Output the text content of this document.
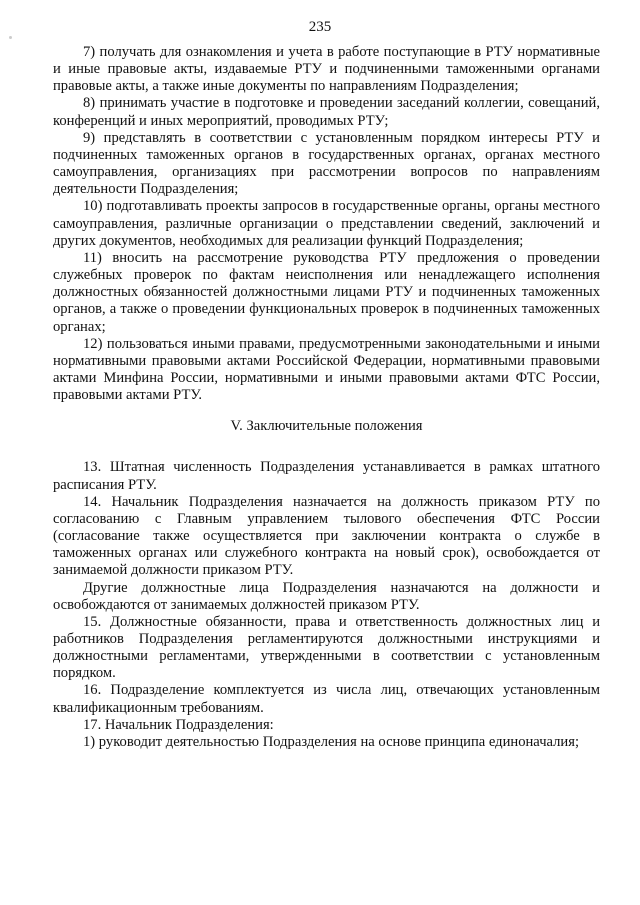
235

7) получать для ознакомления и учета в работе поступающие в РТУ нормативные и иные правовые акты, издаваемые РТУ и подчиненными таможенными органами правовые акты, а также иные документы по направлениям Подразделения;

8) принимать участие в подготовке и проведении заседаний коллегии, совещаний, конференций и иных мероприятий, проводимых РТУ;

9) представлять в соответствии с установленным порядком интересы РТУ и подчиненных таможенных органов в государственных органах, органах местного самоуправления, организациях при рассмотрении вопросов по направлениям деятельности Подразделения;

10) подготавливать проекты запросов в государственные органы, органы местного самоуправления, различные организации о представлении сведений, заключений и других документов, необходимых для реализации функций Подразделения;

11) вносить на рассмотрение руководства РТУ предложения о проведении служебных проверок по фактам неисполнения или ненадлежащего исполнения должностных обязанностей должностными лицами РТУ и подчиненных таможенных органов, а также о проведении функциональных проверок в подчиненных таможенных органах;

12) пользоваться иными правами, предусмотренными законодательными и иными нормативными правовыми актами Российской Федерации, нормативными правовыми актами Минфина России, нормативными и иными правовыми актами ФТС России, правовыми актами РТУ.

V. Заключительные положения

13. Штатная численность Подразделения устанавливается в рамках штатного расписания РТУ.

14. Начальник Подразделения назначается на должность приказом РТУ по согласованию с Главным управлением тылового обеспечения ФТС России (согласование также осуществляется при заключении контракта о службе в таможенных органах или служебного контракта на новый срок), освобождается от занимаемой должности приказом РТУ.

Другие должностные лица Подразделения назначаются на должности и освобождаются от занимаемых должностей приказом РТУ.

15. Должностные обязанности, права и ответственность должностных лиц и работников Подразделения регламентируются должностными инструкциями и должностными регламентами, утвержденными в соответствии с установленным порядком.

16. Подразделение комплектуется из числа лиц, отвечающих установленным квалификационным требованиям.

17. Начальник Подразделения:

1) руководит деятельностью Подразделения на основе принципа единоначалия;
